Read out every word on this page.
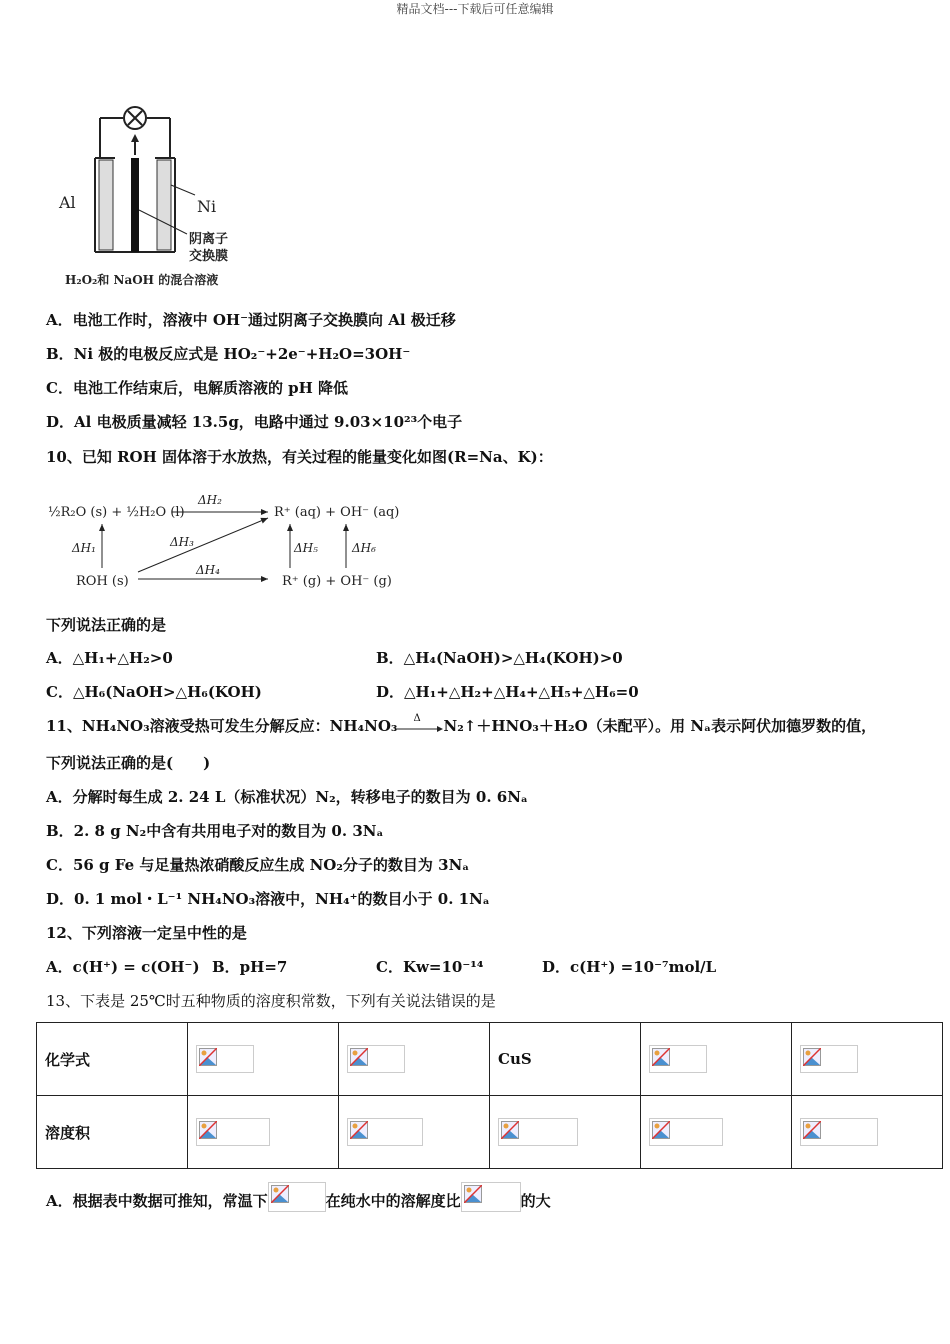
精品文档---下载后可任意编辑
Al	Ni
阴离子
交换膜
H₂O₂和 NaOH 的混合溶液
A．电池工作时，溶液中 OH⁻通过阴离子交换膜向 Al 极迁移
B．Ni 极的电极反应式是 HO₂⁻+2e⁻+H₂O=3OH⁻
C．电池工作结束后，电解质溶液的 pH 降低
D．Al 电极质量减轻 13.5g，电路中通过 9.03×10²³个电子
10、已知 ROH 固体溶于水放热，有关过程的能量变化如图(R=Na、K)：
½R₂O (s) + ½H₂O (l)	R⁺ (aq) + OH⁻ (aq)
ROH (s)	R⁺ (g) + OH⁻ (g)
ΔH₂
ΔH₃
ΔH₄
ΔH₁	ΔH₅	ΔH₆
下列说法正确的是
A．△H₁+△H₂>0	B．△H₄(NaOH)>△H₄(KOH)>0
C．△H₆(NaOH>△H₆(KOH)	D．△H₁+△H₂+△H₄+△H₅+△H₆=0
11、NH₄NO₃溶液受热可发生分解反应：NH₄NO₃ Δ N₂↑＋HNO₃＋H₂O（未配平）。用 Nₐ表示阿伏加德罗数的值，
下列说法正确的是(　　)
A．分解时每生成 2. 24 L（标准状况）N₂，转移电子的数目为 0. 6Nₐ
B．2. 8 g N₂中含有共用电子对的数目为 0. 3Nₐ
C．56 g Fe 与足量热浓硝酸反应生成 NO₂分子的数目为 3Nₐ
D．0. 1 mol・L⁻¹ NH₄NO₃溶液中，NH₄⁺的数目小于 0. 1Nₐ
12、下列溶液一定呈中性的是
A．c(H⁺) = c(OH⁻) B．pH=7	C．Kw=10⁻¹⁴	D．c(H⁺) =10⁻⁷mol/L
13、下表是 25℃时五种物质的溶度积常数，下列有关说法错误的是
化学式			CuS	

溶度积	

A．根据表中数据可推知，常温下	在纯水中的溶解度比	的大
